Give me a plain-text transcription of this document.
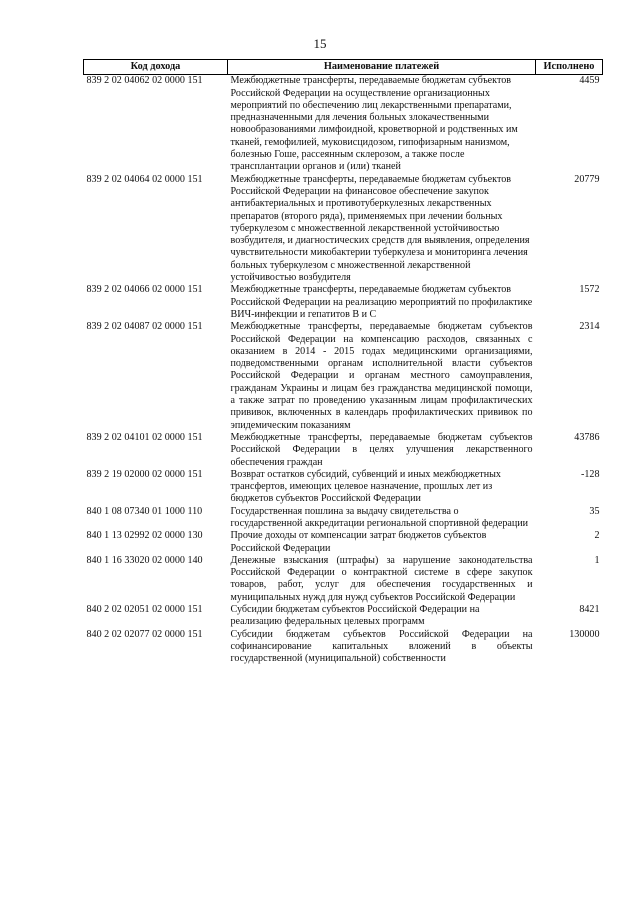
15
Код дохода	Наименование платежей	Исполнено
839 2 02 04062 02 0000 151	Межбюджетные трансферты, передаваемые бюджетам субъектов Российской Федерации на осуществление организационных мероприятий по обеспечению лиц лекарственными препаратами, предназначенными для лечения больных злокачественными новообразованиями лимфоидной, кроветворной и родственных им тканей, гемофилией, муковисцидозом, гипофизарным нанизмом, болезнью Гоше, рассеянным склерозом, а также после трансплантации органов и (или) тканей	4459
839 2 02 04064 02 0000 151	Межбюджетные трансферты, передаваемые бюджетам субъектов Российской Федерации на финансовое обеспечение закупок антибактериальных и противотуберкулезных лекарственных препаратов (второго ряда), применяемых при лечении больных туберкулезом с множественной лекарственной устойчивостью возбудителя, и диагностических средств для выявления, определения чувствительности микобактерии туберкулеза и мониторинга лечения больных туберкулезом с множественной лекарственной устойчивостью возбудителя	20779
839 2 02 04066 02 0000 151	Межбюджетные трансферты, передаваемые бюджетам субъектов Российской Федерации на реализацию мероприятий по профилактике ВИЧ-инфекции и гепатитов В и С	1572
839 2 02 04087 02 0000 151	Межбюджетные трансферты, передаваемые бюджетам субъектов Российской Федерации на компенсацию расходов, связанных с оказанием в 2014 - 2015 годах медицинскими организациями, подведомственными органам исполнительной власти субъектов Российской Федерации и органам местного самоуправления, гражданам Украины и лицам без гражданства медицинской помощи, а также затрат по проведению указанным лицам профилактических прививок, включенных в календарь профилактических прививок по эпидемическим показаниям	2314
839 2 02 04101 02 0000 151	Межбюджетные трансферты, передаваемые бюджетам субъектов Российской Федерации в целях улучшения лекарственного обеспечения граждан	43786
839 2 19 02000 02 0000 151	Возврат остатков субсидий, субвенций и иных межбюджетных трансфертов, имеющих целевое назначение, прошлых лет из бюджетов субъектов Российской Федерации	-128
840 1 08 07340 01 1000 110	Государственная пошлина за выдачу свидетельства о государственной аккредитации региональной спортивной федерации	35
840 1 13 02992 02 0000 130	Прочие доходы от компенсации затрат бюджетов субъектов Российской Федерации	2
840 1 16 33020 02 0000 140	Денежные взыскания (штрафы) за нарушение законодательства Российской Федерации о контрактной системе в сфере закупок товаров, работ, услуг для обеспечения государственных и муниципальных нужд для нужд субъектов Российской Федерации	1
840 2 02 02051 02 0000 151	Субсидии бюджетам субъектов Российской Федерации на реализацию федеральных целевых программ	8421
840 2 02 02077 02 0000 151	Субсидии бюджетам субъектов Российской Федерации на софинансирование капитальных вложений в объекты государственной (муниципальной) собственности	130000
